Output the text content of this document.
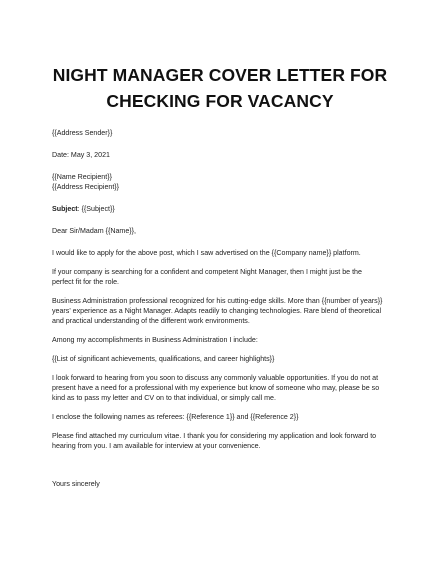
NIGHT MANAGER COVER LETTER FOR
CHECKING FOR VACANCY
{{Address Sender}}
Date: May 3, 2021
{{Name Recipient}}
{{Address Recipient}}
Subject: {{Subject}}
Dear Sir/Madam {{Name}},
I would like to apply for the above post, which I saw advertised on the {{Company name}} platform.
If your company is searching for a confident and competent Night Manager, then I might just be the
perfect fit for the role.
Business Administration professional recognized for his cutting-edge skills. More than {{number of years}}
years' experience as a Night Manager. Adapts readily to changing technologies. Rare blend of theoretical
and practical understanding of the different work environments.
Among my accomplishments in Business Administration I include:
{{List of significant achievements, qualifications, and career highlights}}
I look forward to hearing from you soon to discuss any commonly valuable opportunities. If you do not at
present have a need for a professional with my experience but know of someone who may, please be so
kind as to pass my letter and CV on to that individual, or simply call me.
I enclose the following names as referees: {{Reference 1}} and {{Reference 2}}
Please find attached my curriculum vitae. I thank you for considering my application and look forward to
hearing from you. I am available for interview at your convenience.
Yours sincerely
